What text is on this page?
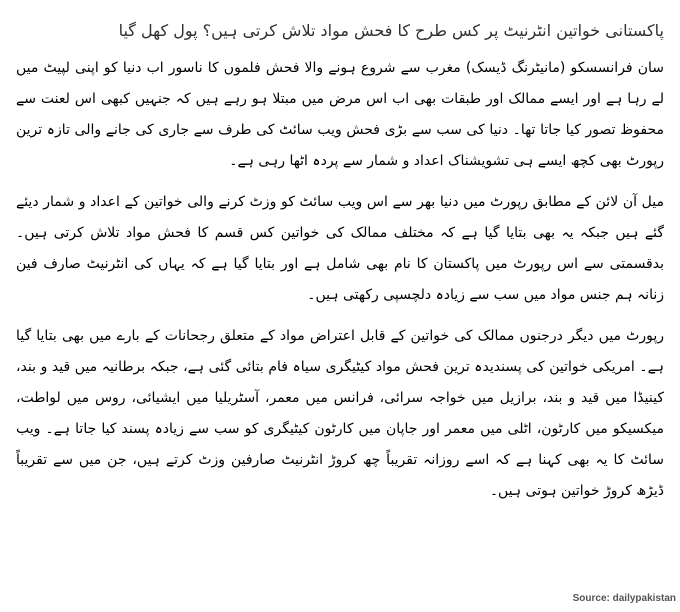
پاکستانی خواتین انٹرنیٹ پر کس طرح کا فحش مواد تلاش کرتی ہیں؟ پول کھل گیا

سان فرانسسکو (مانیٹرنگ ڈیسک) مغرب سے شروع ہونے والا فحش فلموں کا ناسور اب دنیا کو اپنی لپیٹ میں لے رہا ہے اور ایسے ممالک اور طبقات بھی اب اس مرض میں مبتلا ہو رہے ہیں کہ جنہیں کبھی اس لعنت سے محفوظ تصور کیا جاتا تھا۔ دنیا کی سب سے بڑی فحش ویب سائٹ کی طرف سے جاری کی جانے والی تازہ ترین رپورٹ بھی کچھ ایسے ہی تشویشناک اعداد و شمار سے پردہ اٹھا رہی ہے۔

میل آن لائن کے مطابق رپورٹ میں دنیا بھر سے اس ویب سائٹ کو وزٹ کرنے والی خواتین کے اعداد و شمار دیئے گئے ہیں جبکہ یہ بھی بتایا گیا ہے کہ مختلف ممالک کی خواتین کس قسم کا فحش مواد تلاش کرتی ہیں۔ بدقسمتی سے اس رپورٹ میں پاکستان کا نام بھی شامل ہے اور بتایا گیا ہے کہ یہاں کی انٹرنیٹ صارف فین زنانہ ہم جنس مواد میں سب سے زیادہ دلچسپی رکھتی ہیں۔

رپورٹ میں دیگر درجنوں ممالک کی خواتین کے قابل اعتراض مواد کے متعلق رجحانات کے بارے میں بھی بتایا گیا ہے۔ امریکی خواتین کی پسندیدہ ترین فحش مواد کیٹیگری سیاہ فام بتائی گئی ہے، جبکہ برطانیہ میں قید و بند، کینیڈا میں قید و بند، برازیل میں خواجہ سرائی، فرانس میں معمر، آسٹریلیا میں ایشیائی، روس میں لواطت، میکسیکو میں کارٹون، اٹلی میں معمر اور جاپان میں کارٹون کیٹیگری کو سب سے زیادہ پسند کیا جاتا ہے۔ ویب سائٹ کا یہ بھی کہنا ہے کہ اسے روزانہ تقریباً چھ کروڑ انٹرنیٹ صارفین وزٹ کرتے ہیں، جن میں سے تقریباً ڈیڑھ کروڑ خواتین ہوتی ہیں۔

Source: dailypakistan
